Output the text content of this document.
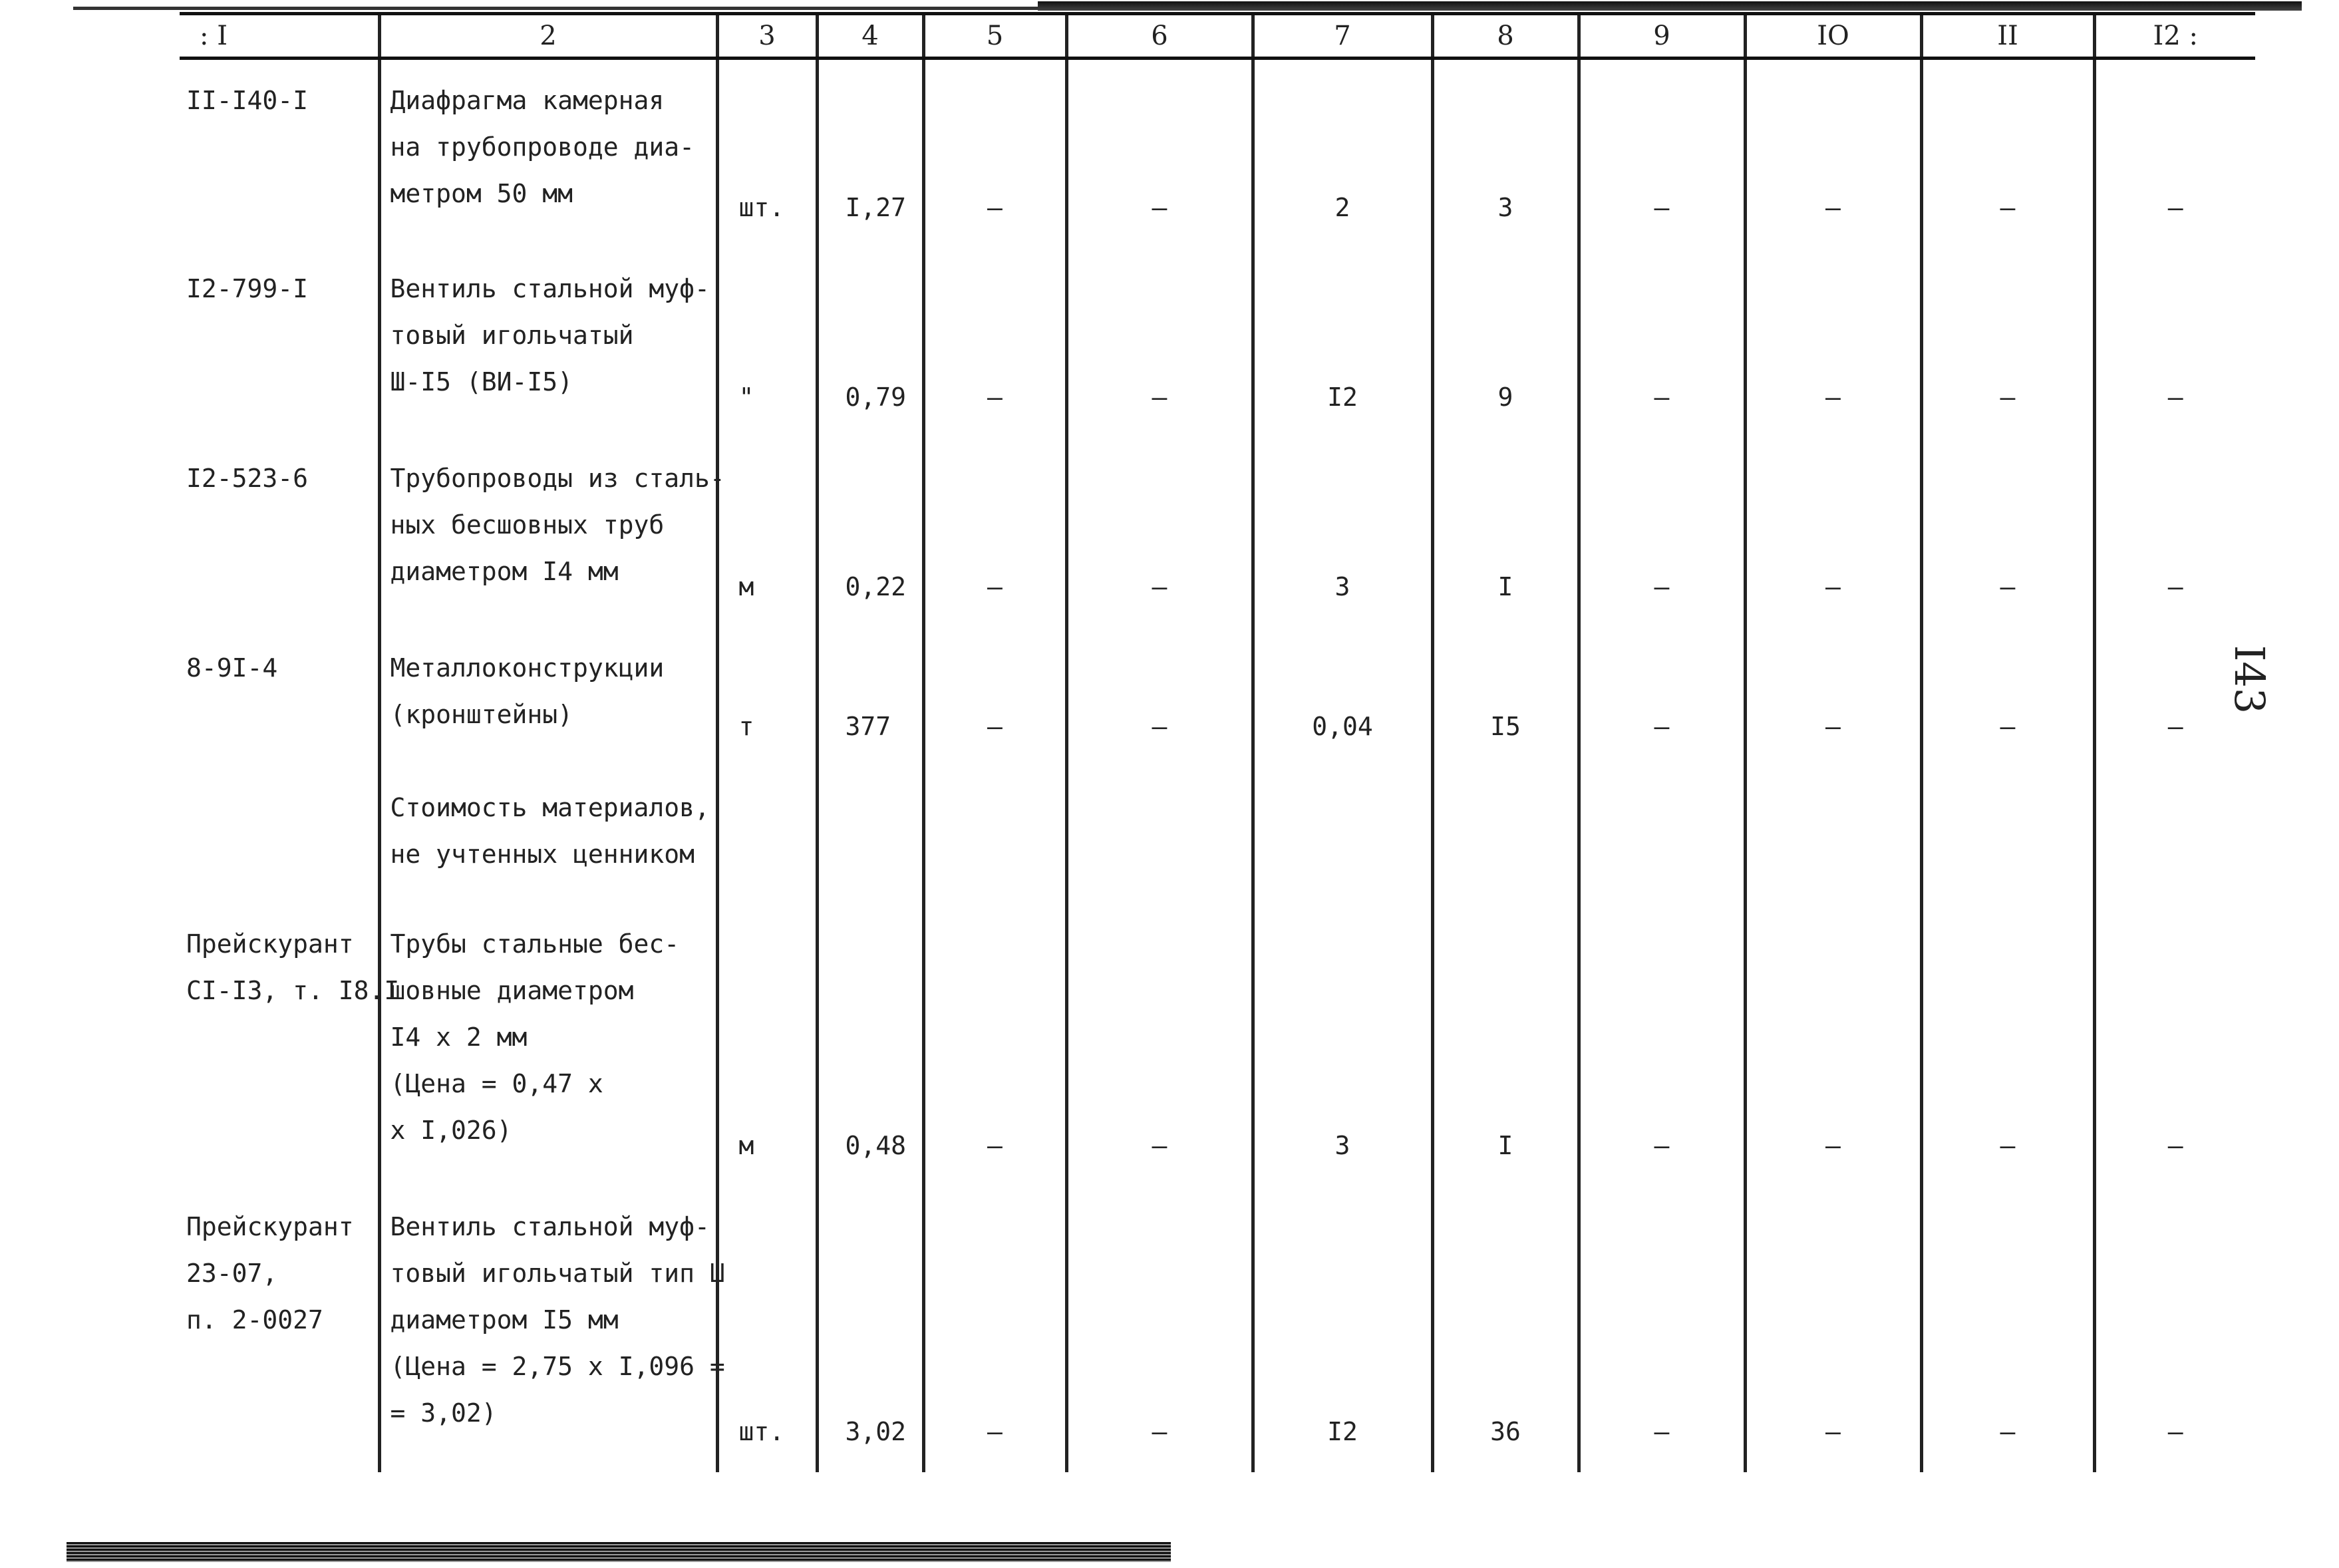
: I	2	3	4	5	6	7	8	9	IO	II	I2 :

II-I40-I	Диафрагма камерная
на трубопроводе диа-
метром 50 мм	шт.	I,27	–	–	2	3	–	–	–	–

I2-799-I	Вентиль стальной муф-
товый игольчатый
Ш-I5 (ВИ-I5)	"	0,79	–	–	I2	9	–	–	–	–

I2-523-6	Трубопроводы из сталь-
ных бесшовных труб
диаметром I4 мм	м	0,22	–	–	3	I	–	–	–	–

8-9I-4	Металлоконструкции
(кронштейны)	т	377	–	–	0,04	I5	–	–	–	–

	Стоимость материалов,
не учтенных ценником										

Прейскурант
CI-I3, т. I8.I	Трубы стальные бес-
шовные диаметром
I4 х 2 мм
(Цена = 0,47 х
х I,026)	м	0,48	–	–	3	I	–	–	–	–

Прейскурант
23-07,
п. 2-0027	Вентиль стальной муф-
товый игольчатый тип Ш
диаметром I5 мм
(Цена = 2,75 х I,096 =
= 3,02)	шт.	3,02	–	–	I2	36	–	–	–	–
I43
